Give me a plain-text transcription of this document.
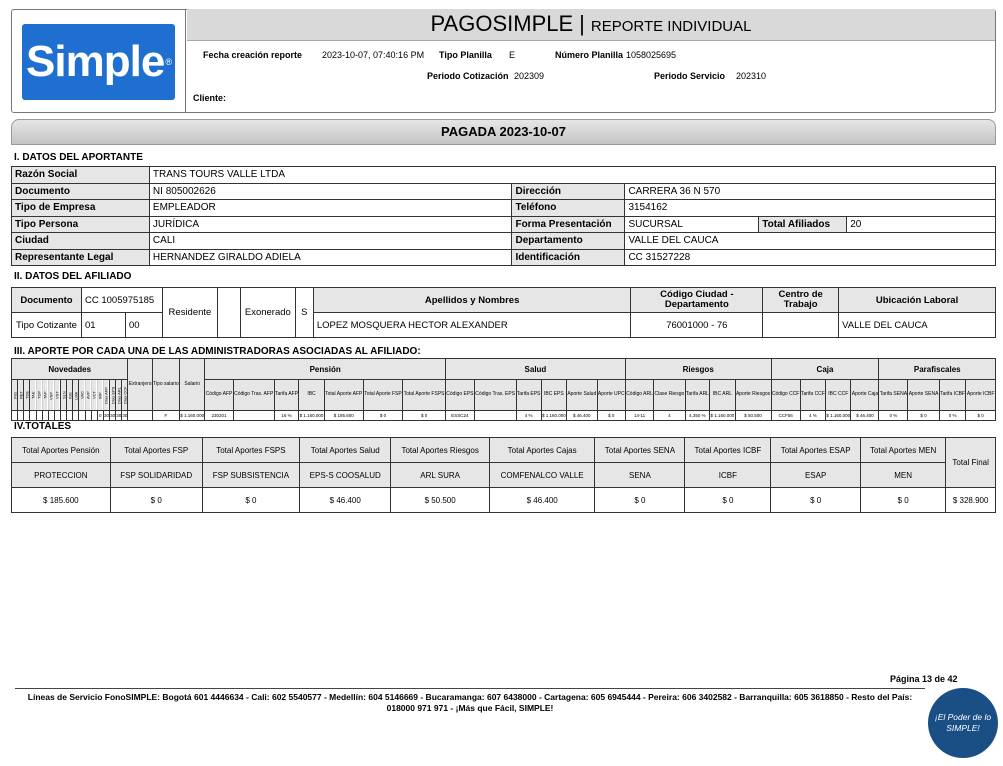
Simple ®
PAGOSIMPLE | REPORTE INDIVIDUAL
Fecha creación reporte 2023-10-07, 07:40:16 PM Tipo Planilla E	Número Planilla 1058025695
Periodo Cotización 202309	Periodo Servicio 202310
Cliente:
PAGADA 2023-10-07
I. DATOS DEL APORTANTE
Razón Social	TRANS TOURS VALLE LTDA				
Documento	NI 805002626	Dirección	CARRERA 36 N 570		
Tipo de Empresa	EMPLEADOR	Teléfono	3154162		
Tipo Persona	JURÍDICA	Forma Presentación	SUCURSAL	Total Afiliados	20
Ciudad	CALI	Departamento	VALLE DEL CAUCA		
Representante Legal	HERNANDEZ GIRALDO ADIELA	Identificación	CC 31527228		
II. DATOS DEL AFILIADO
Documento	CC 1005975185		Residente		Exonerado	S	Apellidos y Nombres	Código Ciudad - Departamento	Centro de Trabajo	Ubicación Laboral
Tipo Cotizante	01	00					LOPEZ MOSQUERA HECTOR ALEXANDER	76001000 - 76		VALLE DEL CAUCA
III. APORTE POR CADA UNA DE LAS ADMINISTRADORAS ASOCIADAS AL AFILIADO:
Novedades																			Extranjero	Tipo salario	Salario	Pensión							Salud						Riesgos					Caja				Parafiscales			
ING	RET	TDE	TAE	TDP	TAP	VSP	VST	SLN	IGE	LMA	VAC	AVP	VCT	IRP	Días AFP	Días EPS	Días ARL	Días CCF				Código AFP	Código Tras. AFP	Tarifa AFP	IBC	Total Aporte AFP	Total Aporte FSP	Total Aporte FSPS	Código EPS	Código Tras. EPS	Tarifa EPS	IBC EPS	Aporte Salud	Aporte UPC	Código ARL	Clase Riesgo	Tarifa ARL	IBC ARL	Aporte Riesgos	Código CCF	Tarifa CCF	IBC CCF	Aporte Caja	Tarifa SENA	Aporte SENA	Tarifa ICBF	Aporte ICBF
														0	30	30	30	30		F	$ 1.160.000	230201		16 %	$ 1.160.000	$ 185.600	$ 0	$ 0	ESSC24		4 %	$ 1.160.000	$ 46.400	$ 0	14-11	4	4,350 %	$ 1.160.000	$ 50.500	CCF56	4 %	$ 1.160.000	$ 46.400	0 %	$ 0	0 %	$ 0
IV.TOTALES
Total Aportes Pensión	Total Aportes FSP	Total Aportes FSPS	Total Aportes Salud	Total Aportes Riesgos	Total Aportes Cajas	Total Aportes SENA	Total Aportes ICBF	Total Aportes ESAP	Total Aportes MEN	Total Final
PROTECCION	FSP SOLIDARIDAD	FSP SUBSISTENCIA	EPS-S COOSALUD	ARL SURA	COMFENALCO VALLE	SENA	ICBF	ESAP	MEN	
$ 185.600	$ 0	$ 0	$ 46.400	$ 50.500	$ 46.400	$ 0	$ 0	$ 0	$ 0	$ 328.900
Página 13 de 42
Líneas de Servicio FonoSIMPLE: Bogotá 601 4446634 - Cali: 602 5540577 - Medellín: 604 5146669 - Bucaramanga: 607 6438000 - Cartagena: 605 6945444 - Pereira: 606 3402582 - Barranquilla: 605 3618850 - Resto del País: 018000 971 971 - ¡Más que Fácil, SIMPLE!
¡El Poder de lo SIMPLE!
